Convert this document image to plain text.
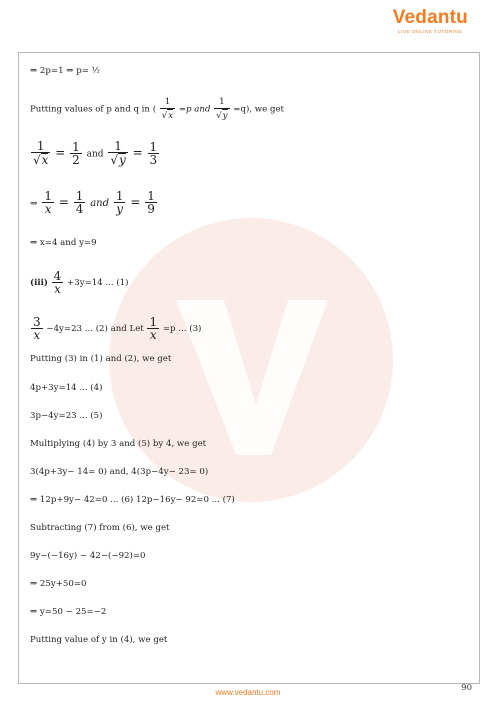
Vedantu
LIVE ONLINE TUTORING
⇒ 2p=1 ⇒ p= ½
Putting values of p and q in ( $\frac{1}{√x} =p$ and $\frac{1}{√y} =q$), we get
$\frac{1}{√x} = \frac{1}{2}$ and $\frac{1}{√y} = \frac{1}{3}$
⇒ $\frac{1}{x} = \frac{1}{4}$ and $\frac{1}{y} = \frac{1}{9}$
⇒ x=4 and y=9
$(iii) \frac{4}{x} +3y=14$ ... (1)
$\frac{3}{x} -4y=23$ ... (2) and Let $\frac{1}{x} =p$ ... (3)
Putting (3) in (1) and (2), we get
4p+3y=14 ... (4)
3p−4y=23 ... (5)
Multiplying (4) by 3 and (5) by 4, we get
3(4p+3y− 14= 0) and, 4(3p−4y− 23= 0)
⇒ 12p+9y− 42=0 ... (6) 12p−16y− 92=0 ... (7)
Subtracting (7) from (6), we get
9y−(−16y) − 42−(−92)=0
⇒ 25y+50=0
⇒ y=50 − 25=−2
Putting value of y in (4), we get
90
www.vedantu.com
